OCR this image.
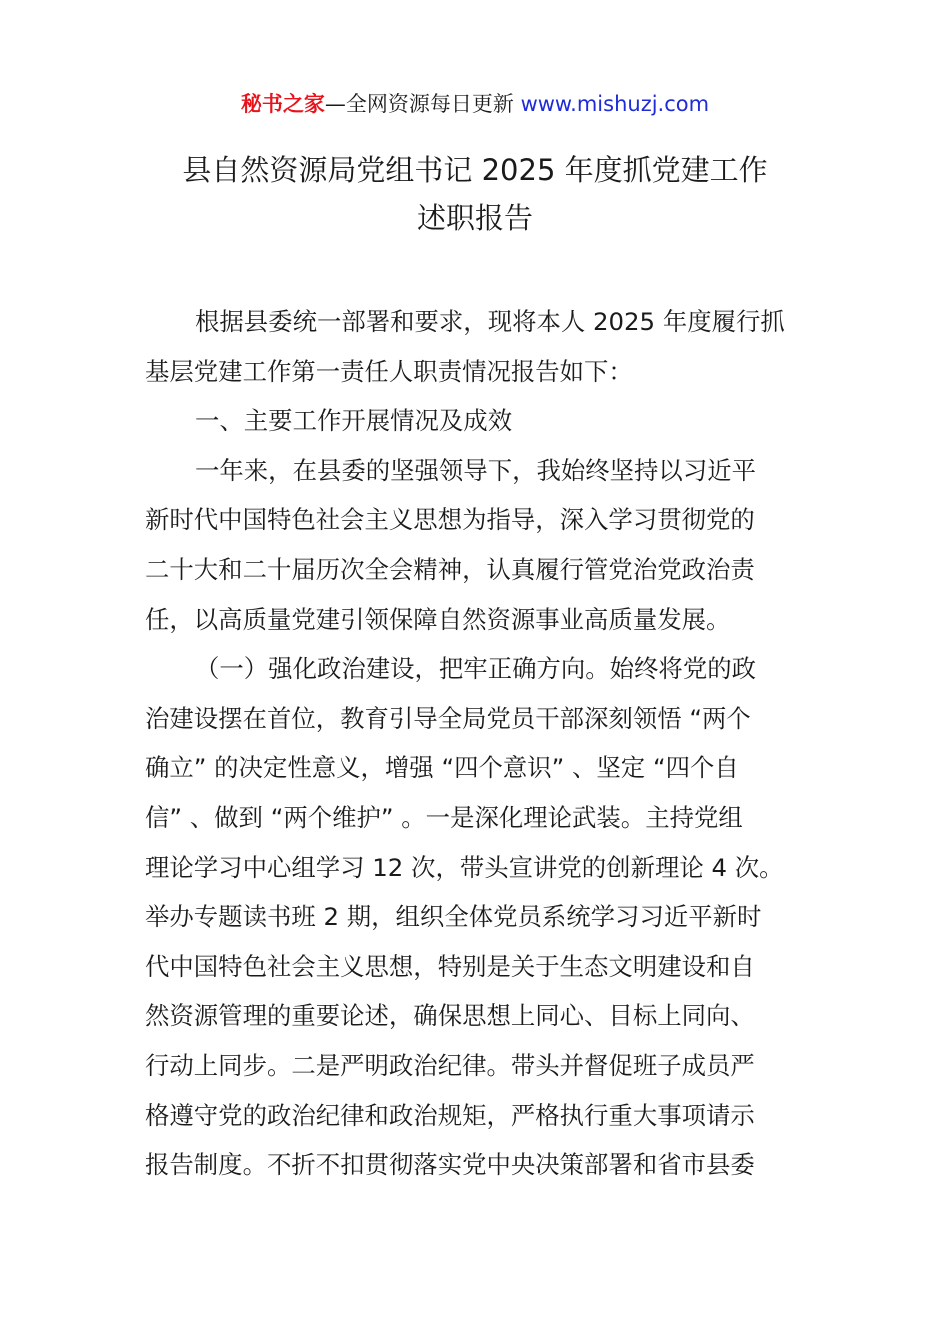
秘书之家—全网资源每日更新 www.mishuzj.com
县自然资源局党组书记 2025 年度抓党建工作
述职报告
根据县委统一部署和要求，现将本人 2025 年度履行抓
基层党建工作第一责任人职责情况报告如下：
一、主要工作开展情况及成效
一年来，在县委的坚强领导下，我始终坚持以习近平
新时代中国特色社会主义思想为指导，深入学习贯彻党的
二十大和二十届历次全会精神，认真履行管党治党政治责
任，以高质量党建引领保障自然资源事业高质量发展。
（一）强化政治建设，把牢正确方向。始终将党的政
治建设摆在首位，教育引导全局党员干部深刻领悟 “两个
确立” 的决定性意义，增强 “四个意识” 、坚定 “四个自
信” 、做到 “两个维护” 。一是深化理论武装。主持党组
理论学习中心组学习 12 次，带头宣讲党的创新理论 4 次。
举办专题读书班 2 期，组织全体党员系统学习习近平新时
代中国特色社会主义思想，特别是关于生态文明建设和自
然资源管理的重要论述，确保思想上同心、目标上同向、
行动上同步。二是严明政治纪律。带头并督促班子成员严
格遵守党的政治纪律和政治规矩，严格执行重大事项请示
报告制度。不折不扣贯彻落实党中央决策部署和省市县委
